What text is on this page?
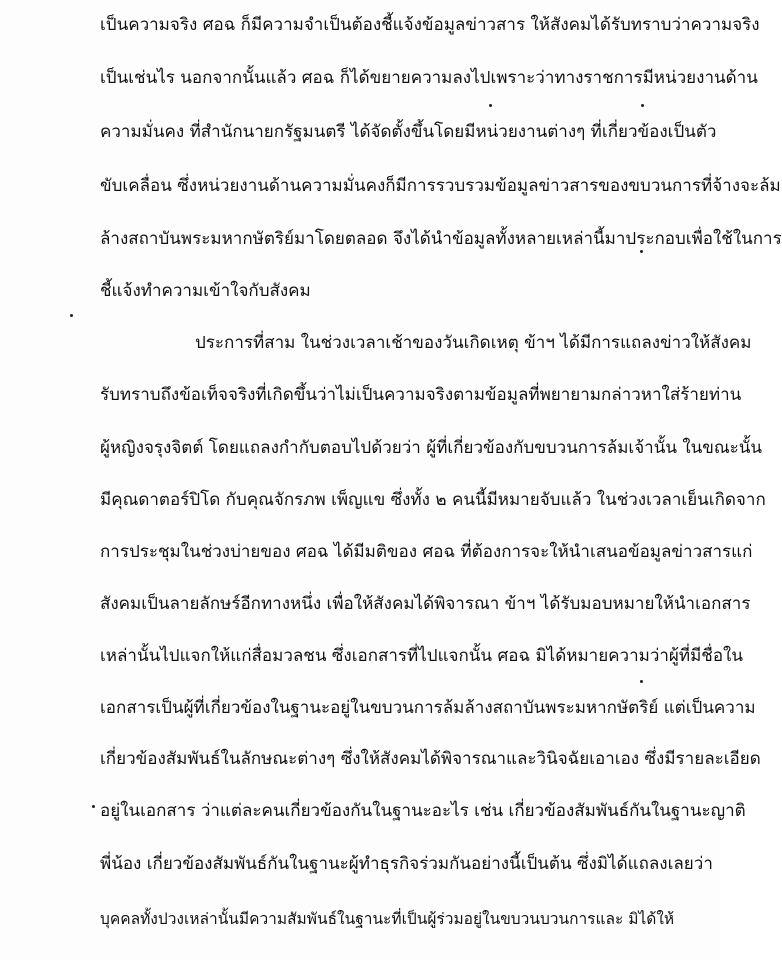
เป็นความจริง ศอฉ ก็มีความจำเป็นต้องชี้แจ้งข้อมูลข่าวสาร ให้สังคมได้รับทราบว่าความจริง
เป็นเช่นไร นอกจากนั้นแล้ว ศอฉ ก็ได้ขยายความลงไปเพราะว่าทางราชการมีหน่วยงานด้าน
ความมั่นคง ที่สำนักนายกรัฐมนตรี ได้จัดตั้งขึ้นโดยมีหน่วยงานต่างๆ ที่เกี่ยวข้องเป็นตัว
ขับเคลื่อน ซึ่งหน่วยงานด้านความมั่นคงก็มีการรวบรวมข้อมูลข่าวสารของขบวนการที่จ้างจะล้ม
ล้างสถาบันพระมหากษัตริย์มาโดยตลอด จึงได้นำข้อมูลทั้งหลายเหล่านี้มาประกอบเพื่อใช้ในการ
ชี้แจ้งทำความเข้าใจกับสังคม
ประการที่สาม ในช่วงเวลาเช้าของวันเกิดเหตุ ข้าฯ ได้มีการแถลงข่าวให้สังคม
รับทราบถึงข้อเท็จจริงที่เกิดขึ้นว่าไม่เป็นความจริงตามข้อมูลที่พยายามกล่าวหาใส่ร้ายท่าน
ผู้หญิงจรุงจิตต์ โดยแถลงกำกับตอบไปด้วยว่า ผู้ที่เกี่ยวข้องกับขบวนการล้มเจ้านั้น ในขณะนั้น
มีคุณดาตอร์ปิโด กับคุณจักรภพ เพ็ญแข ซึ่งทั้ง ๒ คนนี้มีหมายจับแล้ว ในช่วงเวลาเย็นเกิดจาก
การประชุมในช่วงบ่ายของ ศอฉ ได้มีมติของ ศอฉ ที่ต้องการจะให้นำเสนอข้อมูลข่าวสารแก่
สังคมเป็นลายลักษร์อีกทางหนึ่ง เพื่อให้สังคมได้พิจารณา ข้าฯ ได้รับมอบหมายให้นำเอกสาร
เหล่านั้นไปแจกให้แก่สื่อมวลชน ซึ่งเอกสารที่ไปแจกนั้น ศอฉ มิได้หมายความว่าผู้ที่มีชื่อใน
เอกสารเป็นผู้ที่เกี่ยวข้องในฐานะอยู่ในขบวนการล้มล้างสถาบันพระมหากษัตริย์ แต่เป็นความ
เกี่ยวข้องสัมพันธ์ในลักษณะต่างๆ ซึ่งให้สังคมได้พิจารณาและวินิจฉัยเอาเอง ซึ่งมีรายละเอียด
อยู่ในเอกสาร ว่าแต่ละคนเกี่ยวข้องกันในฐานะอะไร เช่น เกี่ยวข้องสัมพันธ์กันในฐานะญาติ
พี่น้อง เกี่ยวข้องสัมพันธ์กันในฐานะผู้ทำธุรกิจร่วมกันอย่างนี้เป็นต้น ซึ่งมิได้แถลงเลยว่า
บุคคลทั้งปวงเหล่านั้นมีความสัมพันธ์ในฐานะที่เป็นผู้ร่วมอยู่ในขบวนบวนการและ มิได้ให้
